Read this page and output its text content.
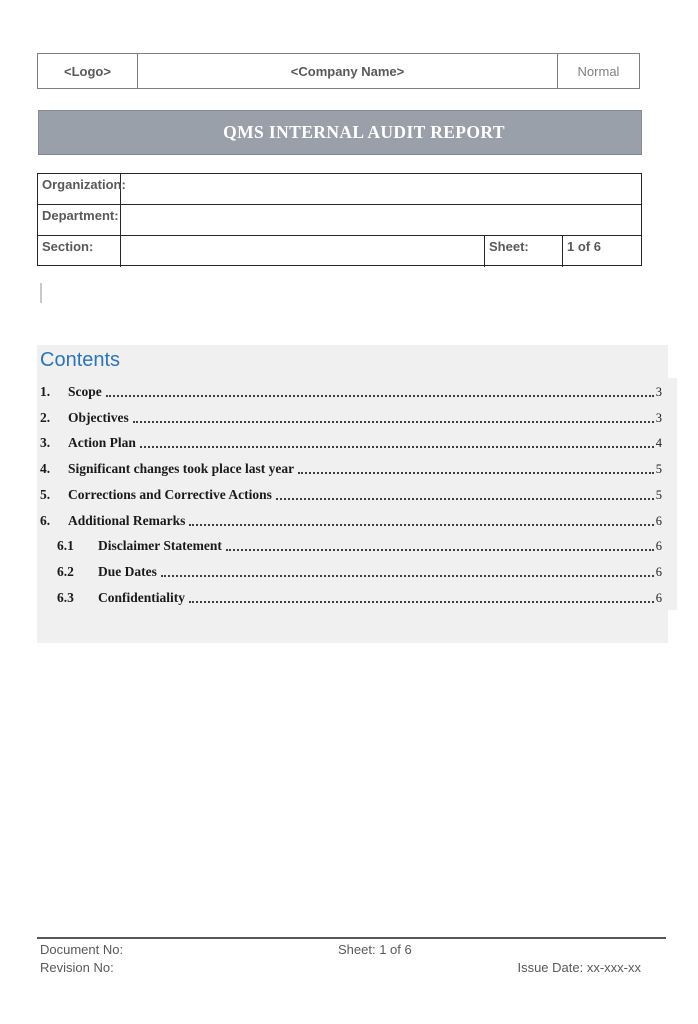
<Logo>	<Company Name>	Normal
QMS INTERNAL AUDIT REPORT
Organization:
Department:
Section:	Sheet:	1 of 6
1.	Scope	3
2.	Objectives	3
3.	Action Plan	4
4.	Significant changes took place last year	5
5.	Corrections and Corrective Actions	5
6.	Additional Remarks	6
6.1	Disclaimer Statement	6
6.2	Due Dates	6
6.3	Confidentiality	6
Contents
Document No:	Sheet: 1 of 6
Revision No:	Issue Date: xx-xxx-xx
